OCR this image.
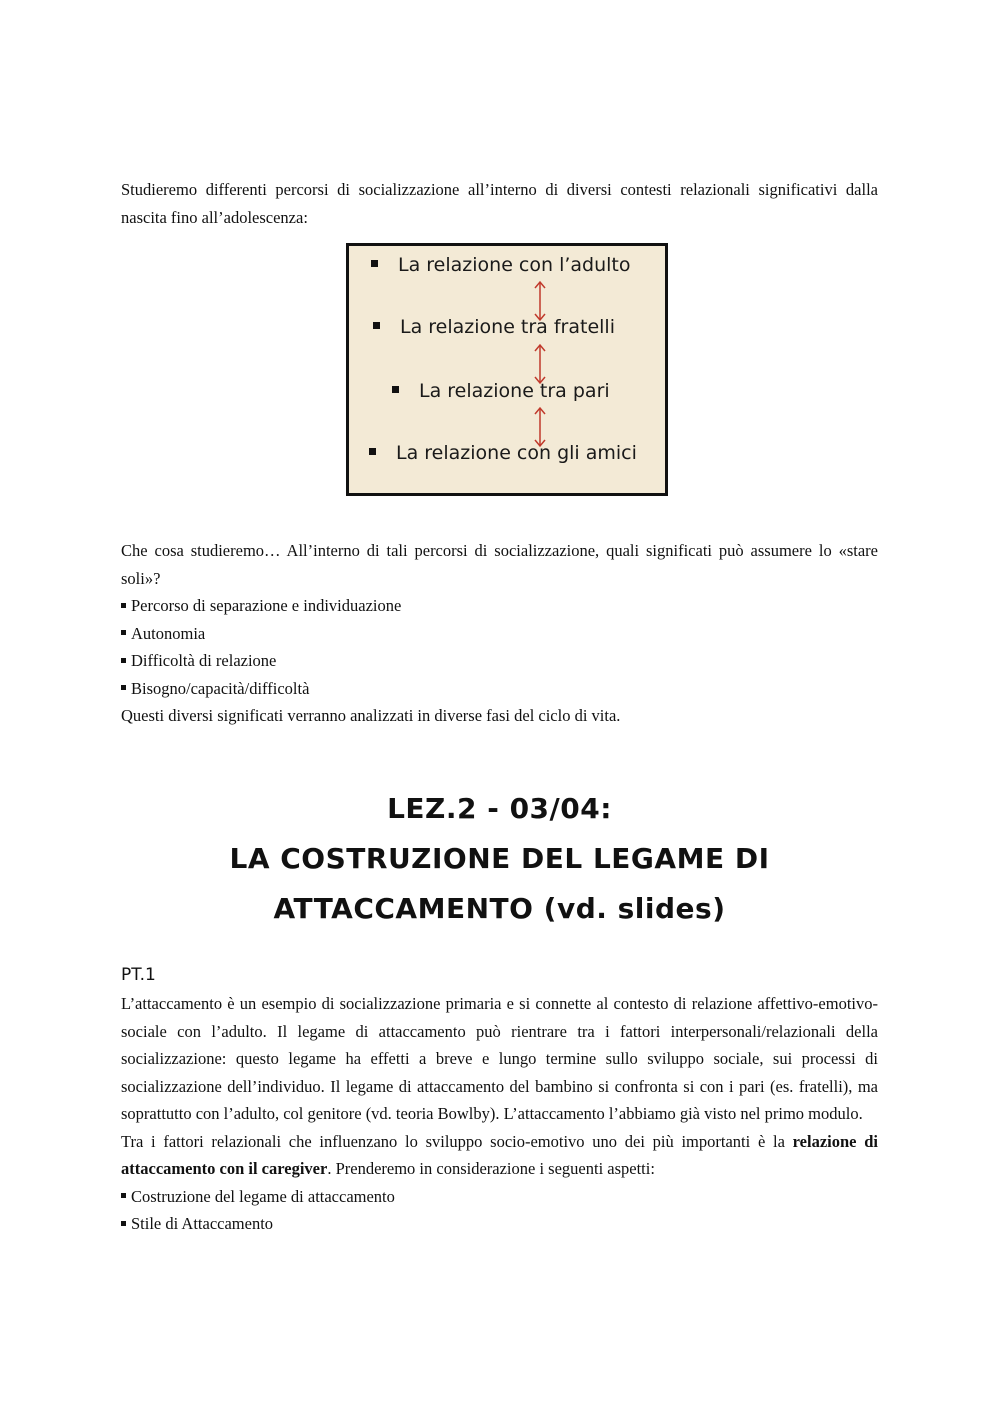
Studieremo differenti percorsi di socializzazione all’interno di diversi contesti relazionali significativi dalla nascita fino all’adolescenza:

La relazione con l’adulto
La relazione tra fratelli
La relazione tra pari
La relazione con gli amici

Che cosa studieremo… All’interno di tali percorsi di socializzazione, quali significati può assumere lo «stare soli»?

Percorso di separazione e individuazione

Autonomia

Difficoltà di relazione

Bisogno/capacità/difficoltà

Questi diversi significati verranno analizzati in diverse fasi del ciclo di vita.

LEZ.2 - 03/04:
LA COSTRUZIONE DEL LEGAME DI
ATTACCAMENTO (vd. slides)
PT.1

L’attaccamento è un esempio di socializzazione primaria e si connette al contesto di relazione affettivo-emotivo-sociale con l’adulto. Il legame di attaccamento può rientrare tra i fattori interpersonali/relazionali della socializzazione: questo legame ha effetti a breve e lungo termine sullo sviluppo sociale, sui processi di socializzazione dell’individuo. Il legame di attaccamento del bambino si confronta si con i pari (es. fratelli), ma soprattutto con l’adulto, col genitore (vd. teoria Bowlby). L’attaccamento l’abbiamo già visto nel primo modulo.

Tra i fattori relazionali che influenzano lo sviluppo socio-emotivo uno dei più importanti è la relazione di attaccamento con il caregiver. Prenderemo in considerazione i seguenti aspetti:

Costruzione del legame di attaccamento

Stile di Attaccamento
